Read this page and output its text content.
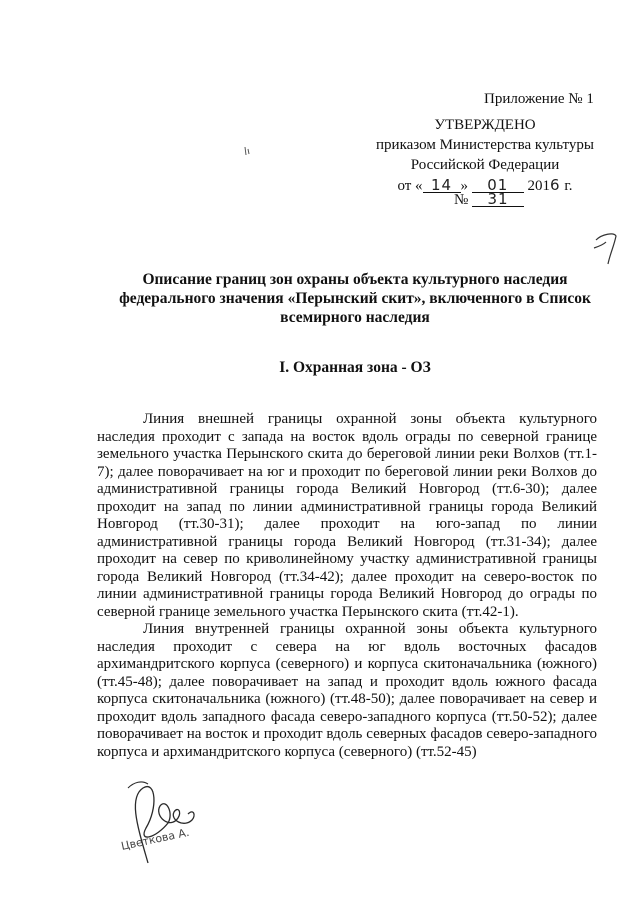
Приложение № 1
УТВЕРЖДЕНО
приказом Министерства культуры
Российской Федерации
от « 14 » 01 2016 г.
№ 31
Описание границ зон охраны объекта культурного наследия
федерального значения «Перынский скит», включенного в Список
всемирного наследия
I. Охранная зона - ОЗ

Линия внешней границы охранной зоны объекта культурного наследия проходит с запада на восток вдоль ограды по северной границе земельного участка Перынского скита до береговой линии реки Волхов (тт.1-7); далее поворачивает на юг и проходит по береговой линии реки Волхов до административной границы города Великий Новгород (тт.6-30); далее проходит на запад по линии административной границы города Великий Новгород (тт.30-31); далее проходит на юго-запад по линии административной границы города Великий Новгород (тт.31-34); далее проходит на север по криволинейному участку административной границы города Великий Новгород (тт.34-42); далее проходит на северо-восток по линии административной границы города Великий Новгород до ограды по северной границе земельного участка Перынского скита (тт.42-1).

Линия внутренней границы охранной зоны объекта культурного наследия проходит с севера на юг вдоль восточных фасадов архимандритского корпуса (северного) и корпуса скитоначальника (южного) (тт.45-48); далее поворачивает на запад и проходит вдоль южного фасада корпуса скитоначальника (южного) (тт.48-50); далее поворачивает на север и проходит вдоль западного фасада северо-западного корпуса (тт.50-52); далее поворачивает на восток и проходит вдоль северных фасадов северо-западного корпуса и архимандритского корпуса (северного) (тт.52-45)

Цветкова А.
